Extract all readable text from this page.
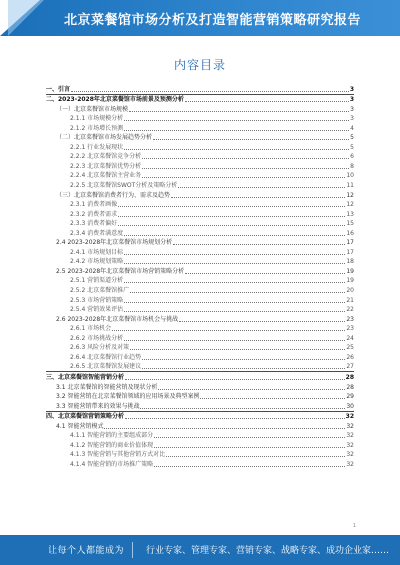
北京菜餐馆市场分析及打造智能营销策略研究报告
内容目录
一、引言	3
二、2023-2028年北京菜餐馆市场前景及预测分析	3
（一）北京菜餐馆市场规模	3
2.1.1 市场规模分析	3
2.1.2 市场增长预测	4
（二）北京菜餐馆市场发展趋势分析	5
2.2.1 行业发展现状	5
2.2.2 北京菜餐馆竞争分析	6
2.2.3 北京菜餐馆优势分析	8
2.2.4 北京菜餐馆主营业务	10
2.2.5 北京菜餐馆SWOT分析及策略分析	11
（三）北京菜餐馆消费者行为、需求及趋势	12
2.3.1 消费者画像	12
2.3.2 消费者需求	13
2.3.3 消费者偏好	15
2.3.4 消费者满意度	16
2.4 2023-2028年北京菜餐馆市场规划分析	17
2.4.1 市场规划目标	17
2.4.2 市场规划策略	18
2.5 2023-2028年北京菜餐馆市场营销策略分析	19
2.5.1 营销渠道分析	19
2.5.2 北京菜餐馆推广	20
2.5.3 市场营销策略	21
2.5.4 营销效果评估	22
2.6 2023-2028年北京菜餐馆市场机会与挑战	23
2.6.1 市场机会	23
2.6.2 市场挑战分析	24
2.6.3 风险分析及对策	25
2.6.4 北京菜餐馆行业趋势	26
2.6.5 北京菜餐馆发展建议	27
三、北京菜餐馆智能营销分析	28
3.1 北京菜餐馆的智能营销及现状分析	28
3.2 智能营销在北京菜餐馆领域的应用场景及典型案例	29
3.3 智能营销带来的效果与挑战	30
四、北京菜餐馆营销策略分析	32
4.1 智能营销模式	32
4.1.1 智能营销的主要组成部分	32
4.1.2 智能营销的商业价值体现	32
4.1.3 智能营销与其他营销方式对比	32
4.1.4 智能营销的市场推广策略	32
1
让每个人都能成为 行业专家、管理专家、营销专家、战略专家、成功企业家……
